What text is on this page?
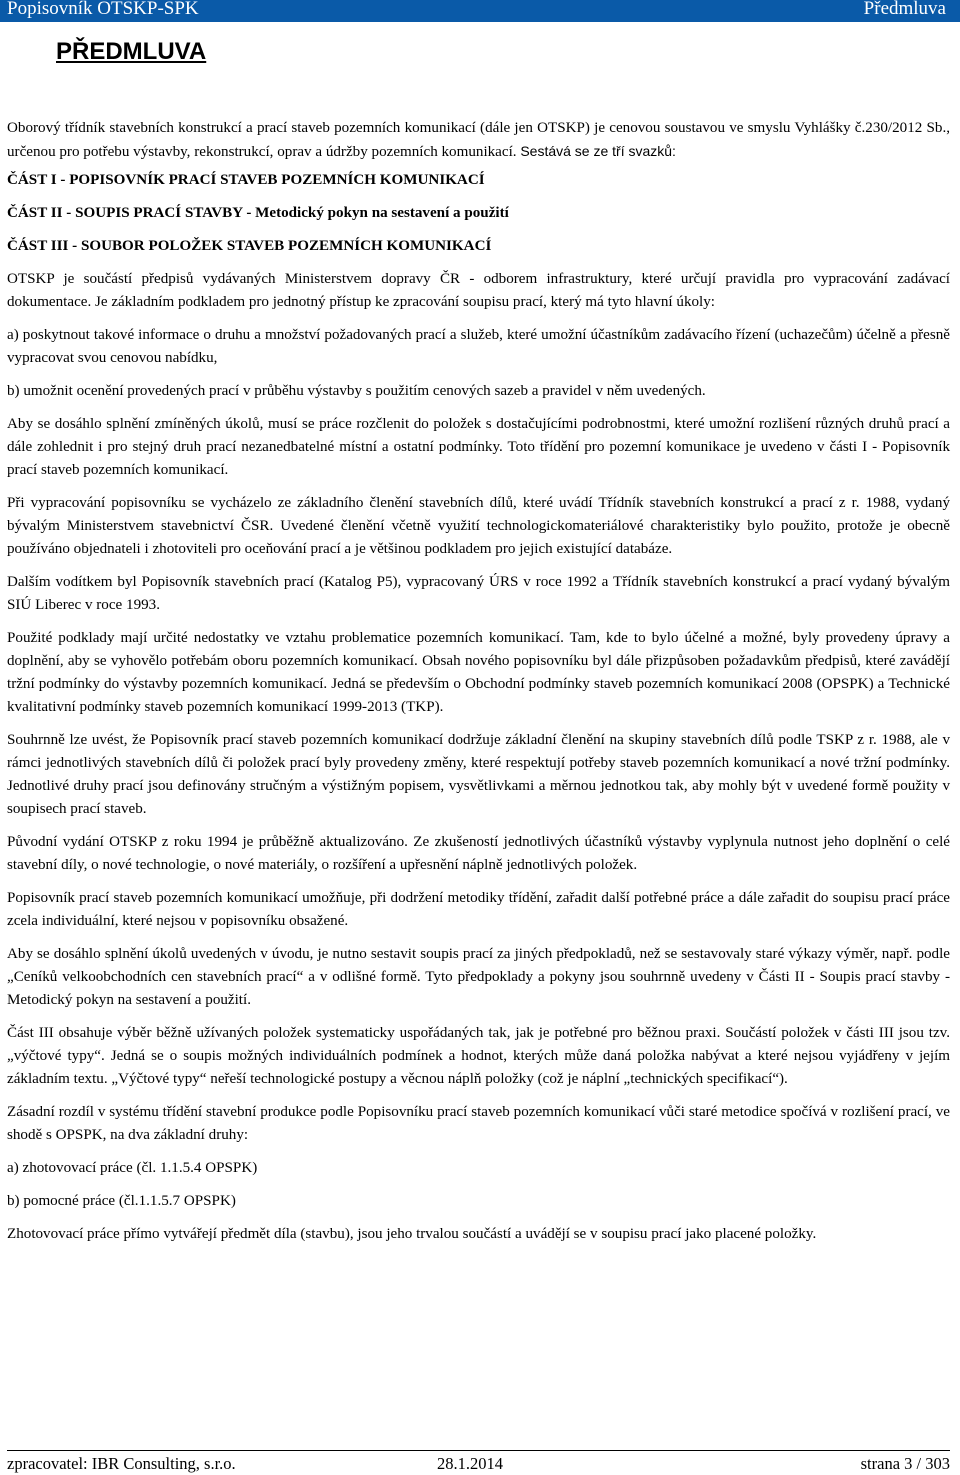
Popisovník OTSKP-SPK	Předmluva
PŘEDMLUVA

Oborový třídník stavebních konstrukcí a prací staveb pozemních komunikací (dále jen OTSKP) je cenovou soustavou ve smyslu Vyhlášky č.230/2012 Sb., určenou pro potřebu výstavby, rekonstrukcí, oprav a údržby pozemních komunikací. Sestává se ze tří svazků:

ČÁST I - POPISOVNÍK PRACÍ STAVEB POZEMNÍCH KOMUNIKACÍ
ČÁST II - SOUPIS PRACÍ STAVBY - Metodický pokyn na sestavení a použití
ČÁST III - SOUBOR POLOŽEK STAVEB POZEMNÍCH KOMUNIKACÍ

OTSKP je součástí předpisů vydávaných Ministerstvem dopravy ČR - odborem infrastruktury, které určují pravidla pro vypracování zadávací dokumentace. Je základním podkladem pro jednotný přístup ke zpracování soupisu prací, který má tyto hlavní úkoly:

a) poskytnout takové informace o druhu a množství požadovaných prací a služeb, které umožní účastníkům zadávacího řízení (uchazečům) účelně a přesně vypracovat svou cenovou nabídku,

b) umožnit ocenění provedených prací v průběhu výstavby s použitím cenových sazeb a pravidel v něm uvedených.

Aby se dosáhlo splnění zmíněných úkolů, musí se práce rozčlenit do položek s dostačujícími podrobnostmi, které umožní rozlišení různých druhů prací a dále zohlednit i pro stejný druh prací nezanedbatelné místní a ostatní podmínky. Toto třídění pro pozemní komunikace je uvedeno v části I - Popisovník prací staveb pozemních komunikací.

Při vypracování popisovníku se vycházelo ze základního členění stavebních dílů, které uvádí Třídník stavebních konstrukcí a prací z r. 1988, vydaný bývalým Ministerstvem stavebnictví ČSR. Uvedené členění včetně využití technologickomateriálové charakteristiky bylo použito, protože je obecně používáno objednateli i zhotoviteli pro oceňování prací a je většinou podkladem pro jejich existující databáze.

Dalším vodítkem byl Popisovník stavebních prací (Katalog P5), vypracovaný ÚRS v roce 1992 a Třídník stavebních konstrukcí a prací vydaný bývalým SIÚ Liberec v roce 1993.

Použité podklady mají určité nedostatky ve vztahu problematice pozemních komunikací. Tam, kde to bylo účelné a možné, byly provedeny úpravy a doplnění, aby se vyhovělo potřebám oboru pozemních komunikací. Obsah nového popisovníku byl dále přizpůsoben požadavkům předpisů, které zavádějí tržní podmínky do výstavby pozemních komunikací. Jedná se především o Obchodní podmínky staveb pozemních komunikací 2008 (OPSPK) a Technické kvalitativní podmínky staveb pozemních komunikací 1999-2013 (TKP).

Souhrnně lze uvést, že Popisovník prací staveb pozemních komunikací dodržuje základní členění na skupiny stavebních dílů podle TSKP z r. 1988, ale v rámci jednotlivých stavebních dílů či položek prací byly provedeny změny, které respektují potřeby staveb pozemních komunikací a nové tržní podmínky. Jednotlivé druhy prací jsou definovány stručným a výstižným popisem, vysvětlivkami a měrnou jednotkou tak, aby mohly být v uvedené formě použity v soupisech prací staveb.

Původní vydání OTSKP z roku 1994 je průběžně aktualizováno. Ze zkušeností jednotlivých účastníků výstavby vyplynula nutnost jeho doplnění o celé stavební díly, o nové technologie, o nové materiály, o rozšíření a upřesnění náplně jednotlivých položek.

Popisovník prací staveb pozemních komunikací umožňuje, při dodržení metodiky třídění, zařadit další potřebné práce a dále zařadit do soupisu prací práce zcela individuální, které nejsou v popisovníku obsažené.

Aby se dosáhlo splnění úkolů uvedených v úvodu, je nutno sestavit soupis prací za jiných předpokladů, než se sestavovaly staré výkazy výměr, např. podle „Ceníků velkoobchodních cen stavebních prací“ a v odlišné formě. Tyto předpoklady a pokyny jsou souhrnně uvedeny v Části II - Soupis prací stavby - Metodický pokyn na sestavení a použití.

Část III obsahuje výběr běžně užívaných položek systematicky uspořádaných tak, jak je potřebné pro běžnou praxi. Součástí položek v části III jsou tzv. „výčtové typy“. Jedná se o soupis možných individuálních podmínek a hodnot, kterých může daná položka nabývat a které nejsou vyjádřeny v jejím základním textu. „Výčtové typy“ neřeší technologické postupy a věcnou náplň položky (což je náplní „technických specifikací“).

Zásadní rozdíl v systému třídění stavební produkce podle Popisovníku prací staveb pozemních komunikací vůči staré metodice spočívá v rozlišení prací, ve shodě s OPSPK, na dva základní druhy:

a) zhotovovací práce (čl. 1.1.5.4 OPSPK)
b) pomocné práce (čl.1.1.5.7 OPSPK)

Zhotovovací práce přímo vytvářejí předmět díla (stavbu), jsou jeho trvalou součástí a uvádějí se v soupisu prací jako placené položky.

zpracovatel: IBR Consulting, s.r.o.	28.1.2014	strana 3 / 303
